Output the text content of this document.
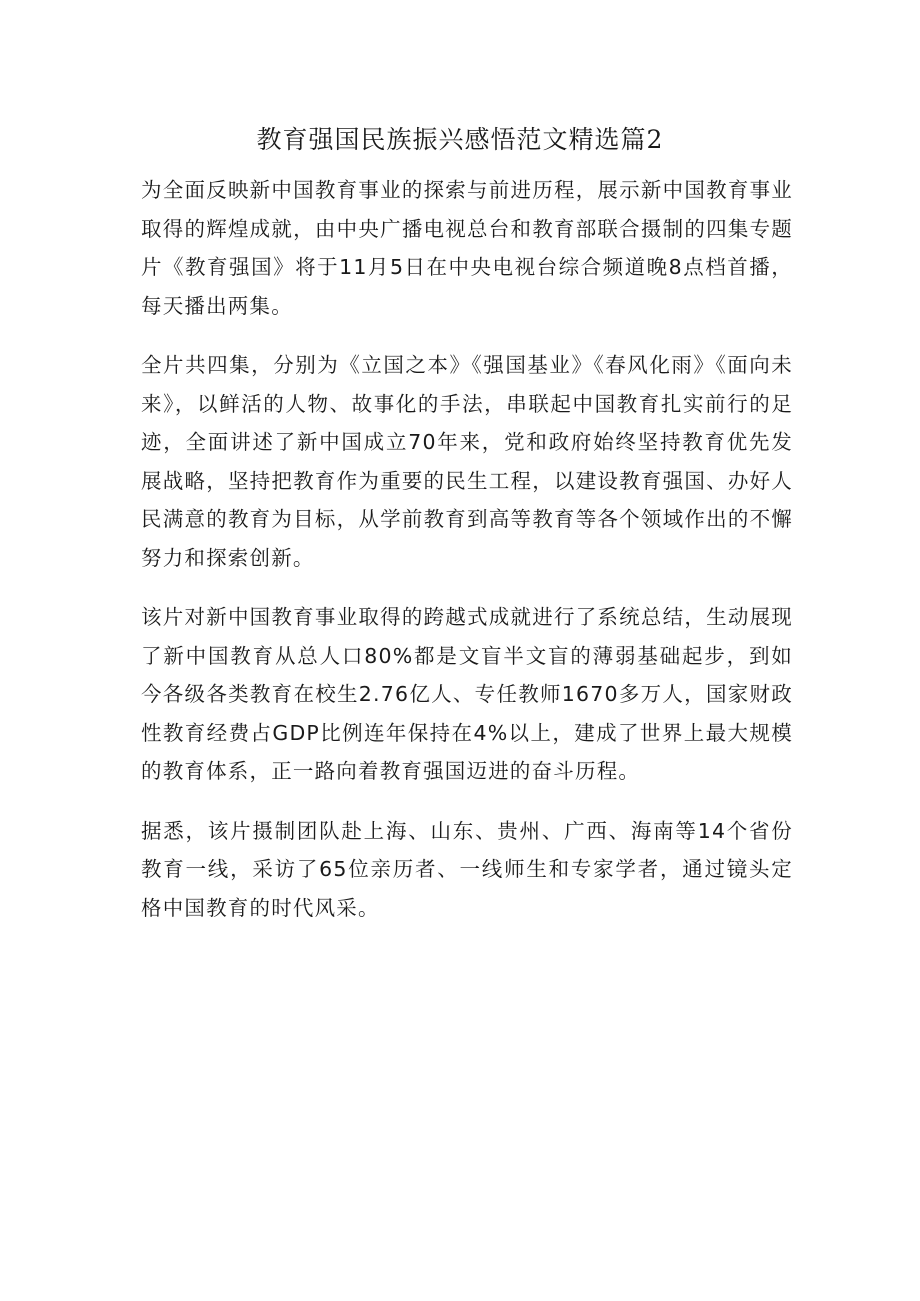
教育强国民族振兴感悟范文精选篇2

为全面反映新中国教育事业的探索与前进历程，展示新中国教育事业取得的辉煌成就，由中央广播电视总台和教育部联合摄制的四集专题片《教育强国》将于11月5日在中央电视台综合频道晚8点档首播，每天播出两集。

全片共四集，分别为《立国之本》《强国基业》《春风化雨》《面向未来》，以鲜活的人物、故事化的手法，串联起中国教育扎实前行的足迹，全面讲述了新中国成立70年来，党和政府始终坚持教育优先发展战略，坚持把教育作为重要的民生工程，以建设教育强国、办好人民满意的教育为目标，从学前教育到高等教育等各个领域作出的不懈努力和探索创新。

该片对新中国教育事业取得的跨越式成就进行了系统总结，生动展现了新中国教育从总人口80%都是文盲半文盲的薄弱基础起步，到如今各级各类教育在校生2.76亿人、专任教师1670多万人，国家财政性教育经费占GDP比例连年保持在4%以上，建成了世界上最大规模的教育体系，正一路向着教育强国迈进的奋斗历程。

据悉，该片摄制团队赴上海、山东、贵州、广西、海南等14个省份教育一线，采访了65位亲历者、一线师生和专家学者，通过镜头定格中国教育的时代风采。
